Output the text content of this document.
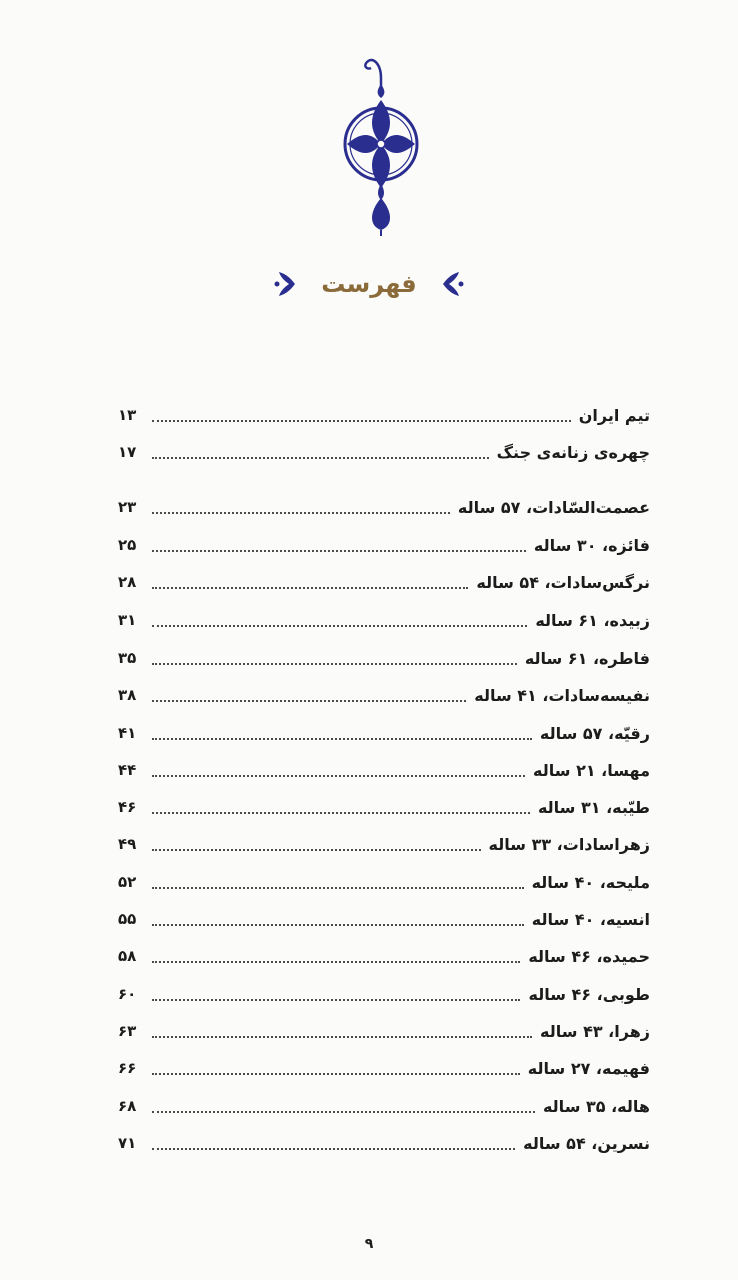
فهرست
تیم ایران
۱۳
چهره‌ی زنانه‌ی جنگ
۱۷
عصمت‌السّادات، ۵۷ ساله
۲۳
فائزه، ۳۰ ساله
۲۵
نرگس‌سادات، ۵۴ ساله
۲۸
زبیده، ۶۱ ساله
۳۱
فاطره، ۶۱ ساله
۳۵
نفیسه‌سادات، ۴۱ ساله
۳۸
رقیّه، ۵۷ ساله
۴۱
مهسا، ۲۱ ساله
۴۴
طیّبه، ۳۱ ساله
۴۶
زهراسادات، ۳۳ ساله
۴۹
ملیحه، ۴۰ ساله
۵۲
انسیه، ۴۰ ساله
۵۵
حمیده، ۴۶ ساله
۵۸
طوبی، ۴۶ ساله
۶۰
زهرا، ۴۳ ساله
۶۳
فهیمه، ۲۷ ساله
۶۶
هاله، ۳۵ ساله
۶۸
نسرین، ۵۴ ساله
۷۱
۹
